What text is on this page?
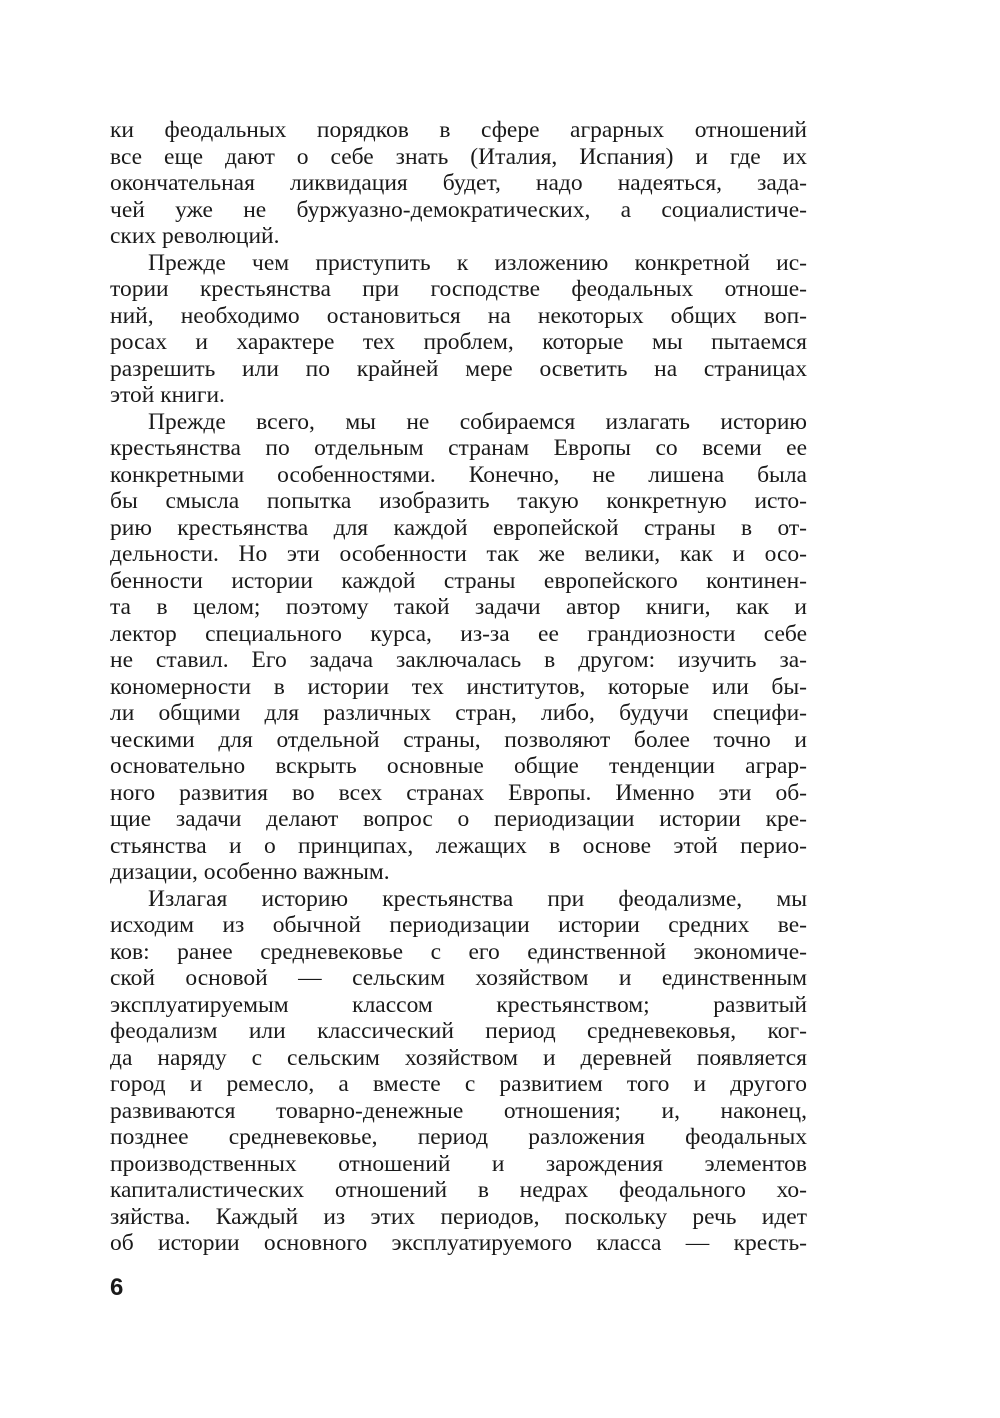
ки феодальных порядков в сфере аграрных отношений
все еще дают о себе знать (Италия, Испания) и где их
окончательная ликвидация будет, надо надеяться, зада-
чей уже не буржуазно-демократических, а социалистиче-
ских революций.
Прежде чем приступить к изложению конкретной ис-
тории крестьянства при господстве феодальных отноше-
ний, необходимо остановиться на некоторых общих воп-
росах и характере тех проблем, которые мы пытаемся
разрешить или по крайней мере осветить на страницах
этой книги.
Прежде всего, мы не собираемся излагать историю
крестьянства по отдельным странам Европы со всеми ее
конкретными особенностями. Конечно, не лишена была
бы смысла попытка изобразить такую конкретную исто-
рию крестьянства для каждой европейской страны в от-
дельности. Но эти особенности так же велики, как и осо-
бенности истории каждой страны европейского континен-
та в целом; поэтому такой задачи автор книги, как и
лектор специального курса, из-за ее грандиозности себе
не ставил. Его задача заключалась в другом: изучить за-
кономерности в истории тех институтов, которые или бы-
ли общими для различных стран, либо, будучи специфи-
ческими для отдельной страны, позволяют более точно и
основательно вскрыть основные общие тенденции аграр-
ного развития во всех странах Европы. Именно эти об-
щие задачи делают вопрос о периодизации истории кре-
стьянства и о принципах, лежащих в основе этой перио-
дизации, особенно важным.
Излагая историю крестьянства при феодализме, мы
исходим из обычной периодизации истории средних ве-
ков: ранее средневековье с его единственной экономиче-
ской основой — сельским хозяйством и единственным
эксплуатируемым классом крестьянством; развитый
феодализм или классический период средневековья, ког-
да наряду с сельским хозяйством и деревней появляется
город и ремесло, а вместе с развитием того и другого
развиваются товарно-денежные отношения; и, наконец,
позднее средневековье, период разложения феодальных
производственных отношений и зарождения элементов
капиталистических отношений в недрах феодального хо-
зяйства. Каждый из этих периодов, поскольку речь идет
об истории основного эксплуатируемого класса — кресть-
6
